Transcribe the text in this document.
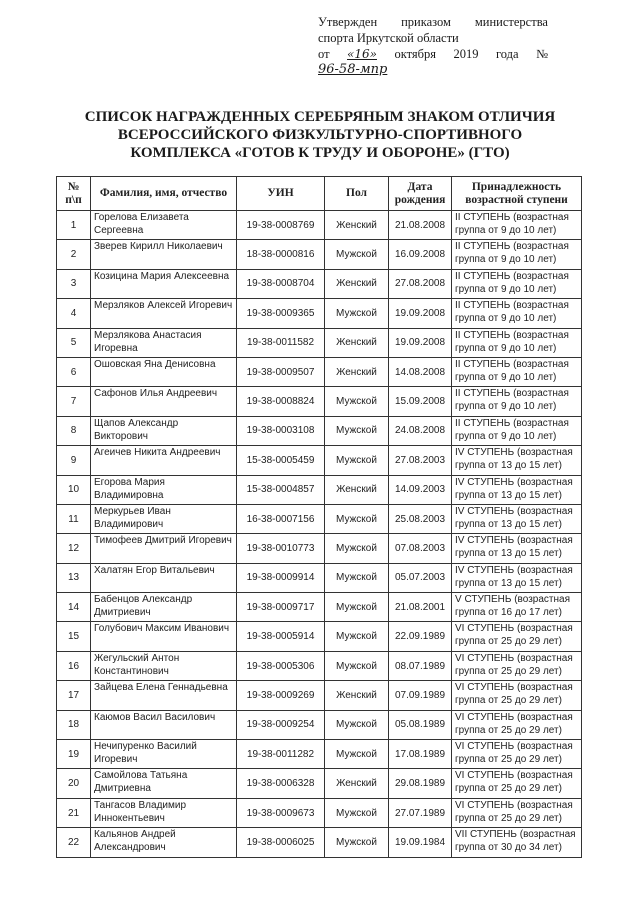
Утвержден приказом министерства
спорта Иркутской области
от «16» октября 2019 года №
96-58-мпр
СПИСОК НАГРАЖДЕННЫХ СЕРЕБРЯНЫМ ЗНАКОМ ОТЛИЧИЯ
ВСЕРОССИЙСКОГО ФИЗКУЛЬТУРНО-СПОРТИВНОГО
КОМПЛЕКСА «ГОТОВ К ТРУДУ И ОБОРОНЕ» (ГТО)
№ п\п	Фамилия, имя, отчество	УИН	Пол	Дата рождения	Принадлежность возрастной ступени
1	Горелова Елизавета Сергеевна	19-38-0008769	Женский	21.08.2008	II СТУПЕНЬ (возрастная группа от 9 до 10 лет)
2	Зверев Кирилл Николаевич	18-38-0000816	Мужской	16.09.2008	II СТУПЕНЬ (возрастная группа от 9 до 10 лет)
3	Козицина Мария Алексеевна	19-38-0008704	Женский	27.08.2008	II СТУПЕНЬ (возрастная группа от 9 до 10 лет)
4	Мерзляков Алексей Игоревич	19-38-0009365	Мужской	19.09.2008	II СТУПЕНЬ (возрастная группа от 9 до 10 лет)
5	Мерзлякова Анастасия Игоревна	19-38-0011582	Женский	19.09.2008	II СТУПЕНЬ (возрастная группа от 9 до 10 лет)
6	Ошовская Яна Денисовна	19-38-0009507	Женский	14.08.2008	II СТУПЕНЬ (возрастная группа от 9 до 10 лет)
7	Сафонов Илья Андреевич	19-38-0008824	Мужской	15.09.2008	II СТУПЕНЬ (возрастная группа от 9 до 10 лет)
8	Щапов Александр Викторович	19-38-0003108	Мужской	24.08.2008	II СТУПЕНЬ (возрастная группа от 9 до 10 лет)
9	Агеичев Никита Андреевич	15-38-0005459	Мужской	27.08.2003	IV СТУПЕНЬ (возрастная группа от 13 до 15 лет)
10	Егорова Мария Владимировна	15-38-0004857	Женский	14.09.2003	IV СТУПЕНЬ (возрастная группа от 13 до 15 лет)
11	Меркурьев Иван Владимирович	16-38-0007156	Мужской	25.08.2003	IV СТУПЕНЬ (возрастная группа от 13 до 15 лет)
12	Тимофеев Дмитрий Игоревич	19-38-0010773	Мужской	07.08.2003	IV СТУПЕНЬ (возрастная группа от 13 до 15 лет)
13	Халатян Егор Витальевич	19-38-0009914	Мужской	05.07.2003	IV СТУПЕНЬ (возрастная группа от 13 до 15 лет)
14	Бабенцов Александр Дмитриевич	19-38-0009717	Мужской	21.08.2001	V СТУПЕНЬ (возрастная группа от 16 до 17 лет)
15	Голубович Максим Иванович	19-38-0005914	Мужской	22.09.1989	VI СТУПЕНЬ (возрастная группа от 25 до 29 лет)
16	Жегульский Антон Константинович	19-38-0005306	Мужской	08.07.1989	VI СТУПЕНЬ (возрастная группа от 25 до 29 лет)
17	Зайцева Елена Геннадьевна	19-38-0009269	Женский	07.09.1989	VI СТУПЕНЬ (возрастная группа от 25 до 29 лет)
18	Каюмов Васил Василович	19-38-0009254	Мужской	05.08.1989	VI СТУПЕНЬ (возрастная группа от 25 до 29 лет)
19	Нечипуренко Василий Игоревич	19-38-0011282	Мужской	17.08.1989	VI СТУПЕНЬ (возрастная группа от 25 до 29 лет)
20	Самойлова Татьяна Дмитриевна	19-38-0006328	Женский	29.08.1989	VI СТУПЕНЬ (возрастная группа от 25 до 29 лет)
21	Тангасов Владимир Иннокентьевич	19-38-0009673	Мужской	27.07.1989	VI СТУПЕНЬ (возрастная группа от 25 до 29 лет)
22	Кальянов Андрей Александрович	19-38-0006025	Мужской	19.09.1984	VII СТУПЕНЬ (возрастная группа от 30 до 34 лет)
